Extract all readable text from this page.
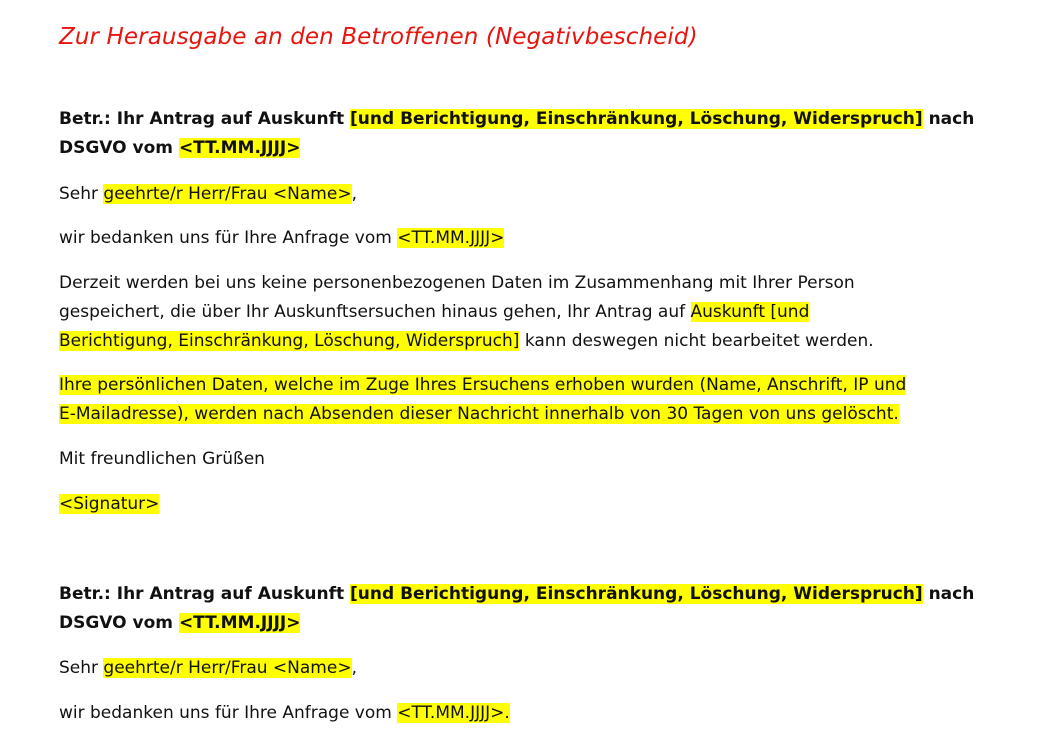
Zur Herausgabe an den Betroffenen (Negativbescheid)
Betr.: Ihr Antrag auf Auskunft [und Berichtigung, Einschränkung, Löschung, Widerspruch] nach
DSGVO vom <TT.MM.JJJJ>
Sehr geehrte/r Herr/Frau <Name>,
wir bedanken uns für Ihre Anfrage vom <TT.MM.JJJJ>
Derzeit werden bei uns keine personenbezogenen Daten im Zusammenhang mit Ihrer Person
gespeichert, die über Ihr Auskunftsersuchen hinaus gehen, Ihr Antrag auf Auskunft [und
Berichtigung, Einschränkung, Löschung, Widerspruch] kann deswegen nicht bearbeitet werden.
Ihre persönlichen Daten, welche im Zuge Ihres Ersuchens erhoben wurden (Name, Anschrift, IP und
E-Mailadresse), werden nach Absenden dieser Nachricht innerhalb von 30 Tagen von uns gelöscht.
Mit freundlichen Grüßen
<Signatur>
Betr.: Ihr Antrag auf Auskunft [und Berichtigung, Einschränkung, Löschung, Widerspruch] nach
DSGVO vom <TT.MM.JJJJ>
Sehr geehrte/r Herr/Frau <Name>,
wir bedanken uns für Ihre Anfrage vom <TT.MM.JJJJ>.
